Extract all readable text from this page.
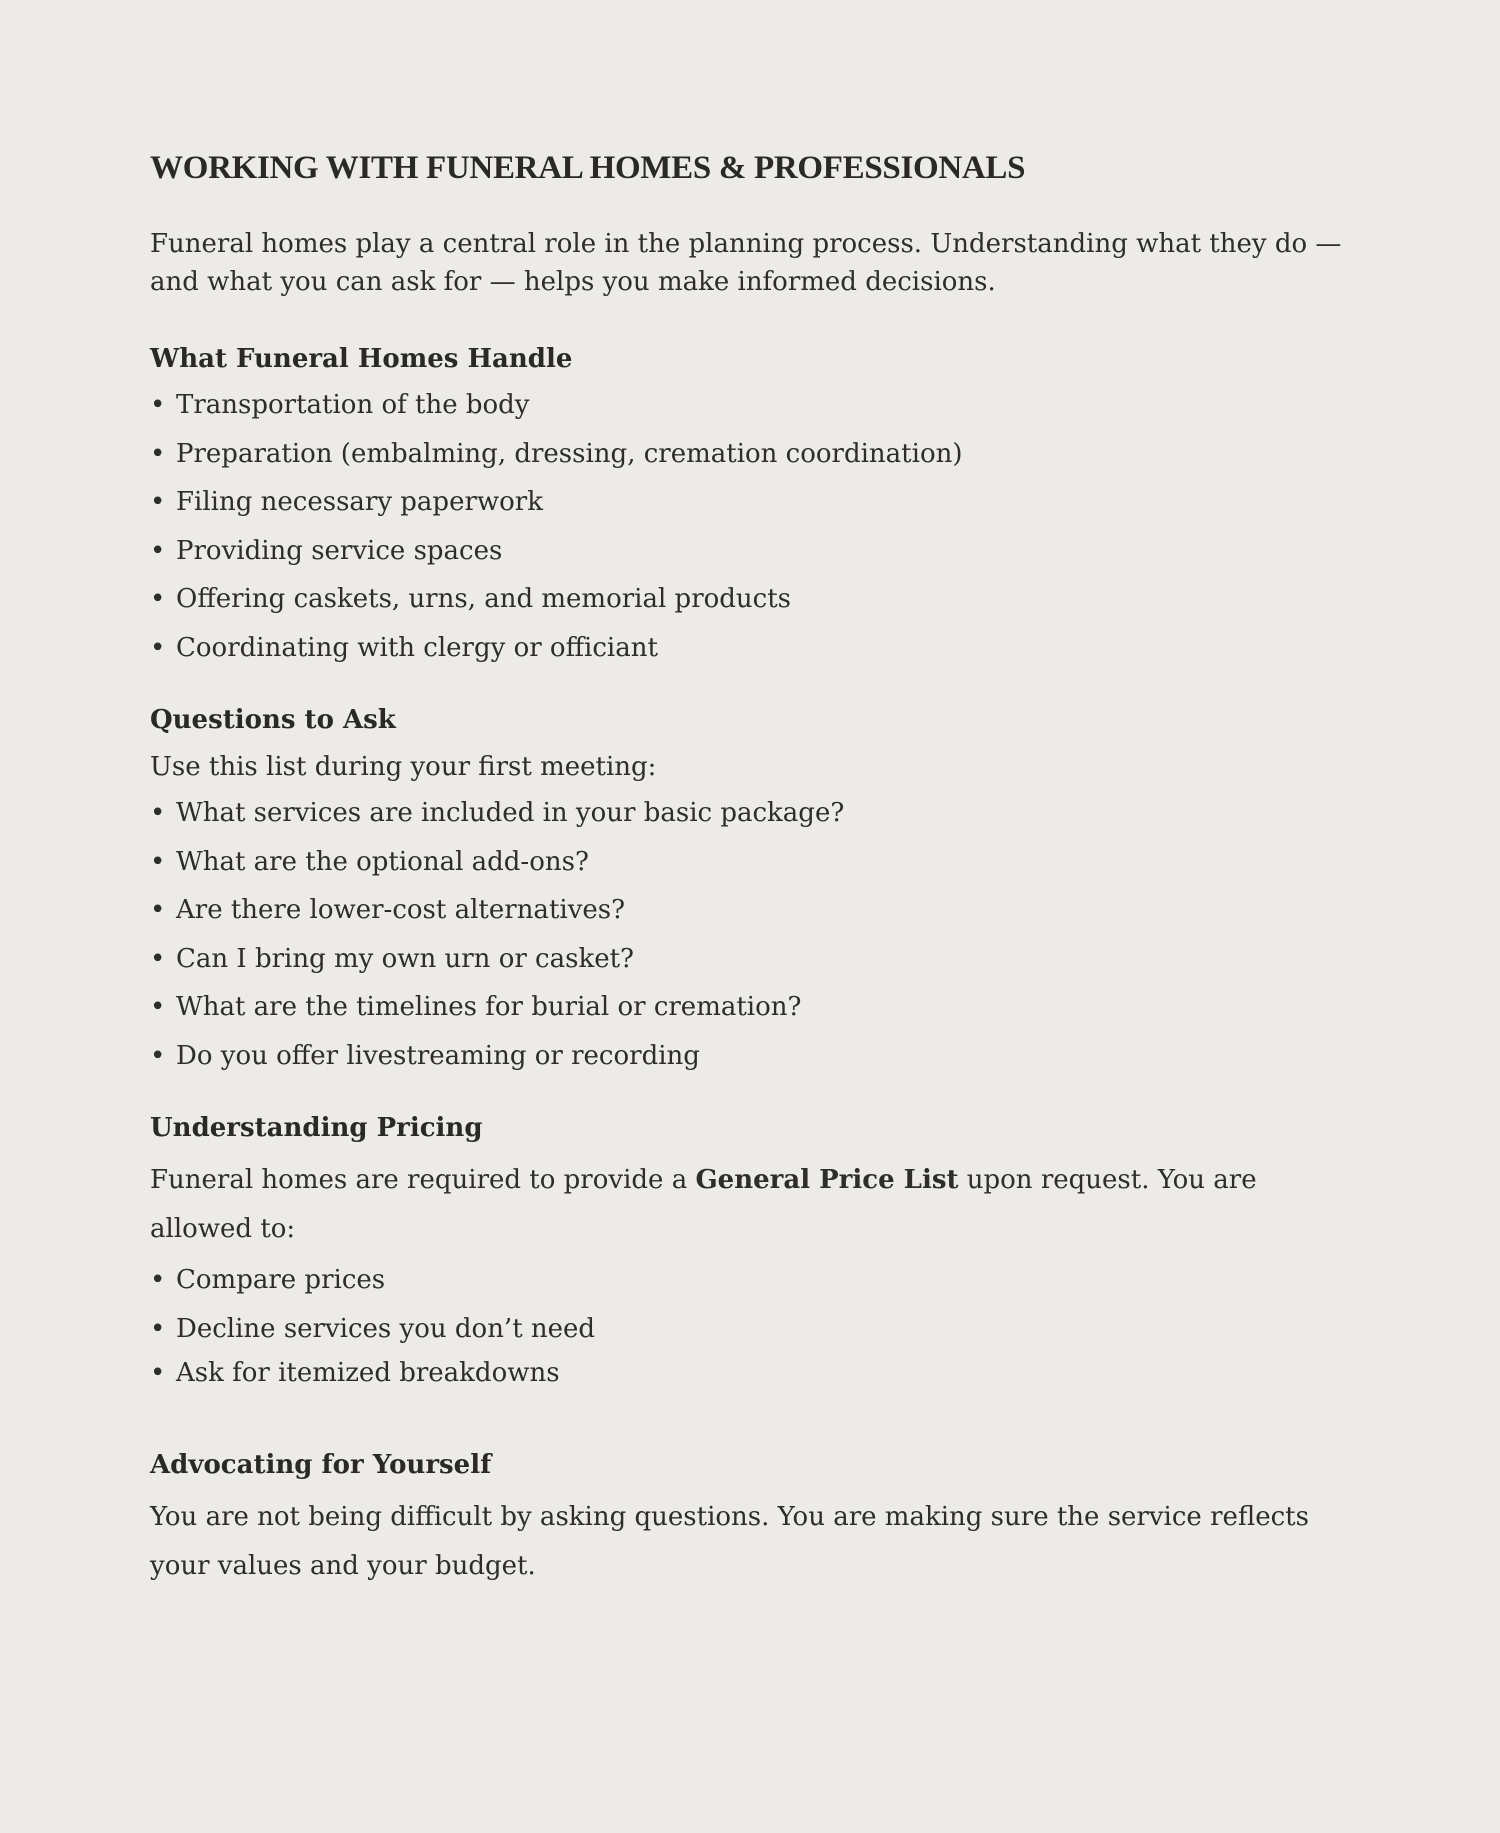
WORKING WITH FUNERAL HOMES & PROFESSIONALS

Funeral homes play a central role in the planning process. Understanding what they do — and what you can ask for — helps you make informed decisions.

What Funeral Homes Handle
• Transportation of the body
• Preparation (embalming, dressing, cremation coordination)
• Filing necessary paperwork
• Providing service spaces
• Offering caskets, urns, and memorial products
• Coordinating with clergy or officiant
Questions to Ask

Use this list during your first meeting:

• What services are included in your basic package?
• What are the optional add-ons?
• Are there lower-cost alternatives?
• Can I bring my own urn or casket?
• What are the timelines for burial or cremation?
• Do you offer livestreaming or recording
Understanding Pricing

Funeral homes are required to provide a General Price List upon request. You are allowed to:

• Compare prices
• Decline services you don’t need
• Ask for itemized breakdowns
Advocating for Yourself

You are not being difficult by asking questions. You are making sure the service reflects your values and your budget.
